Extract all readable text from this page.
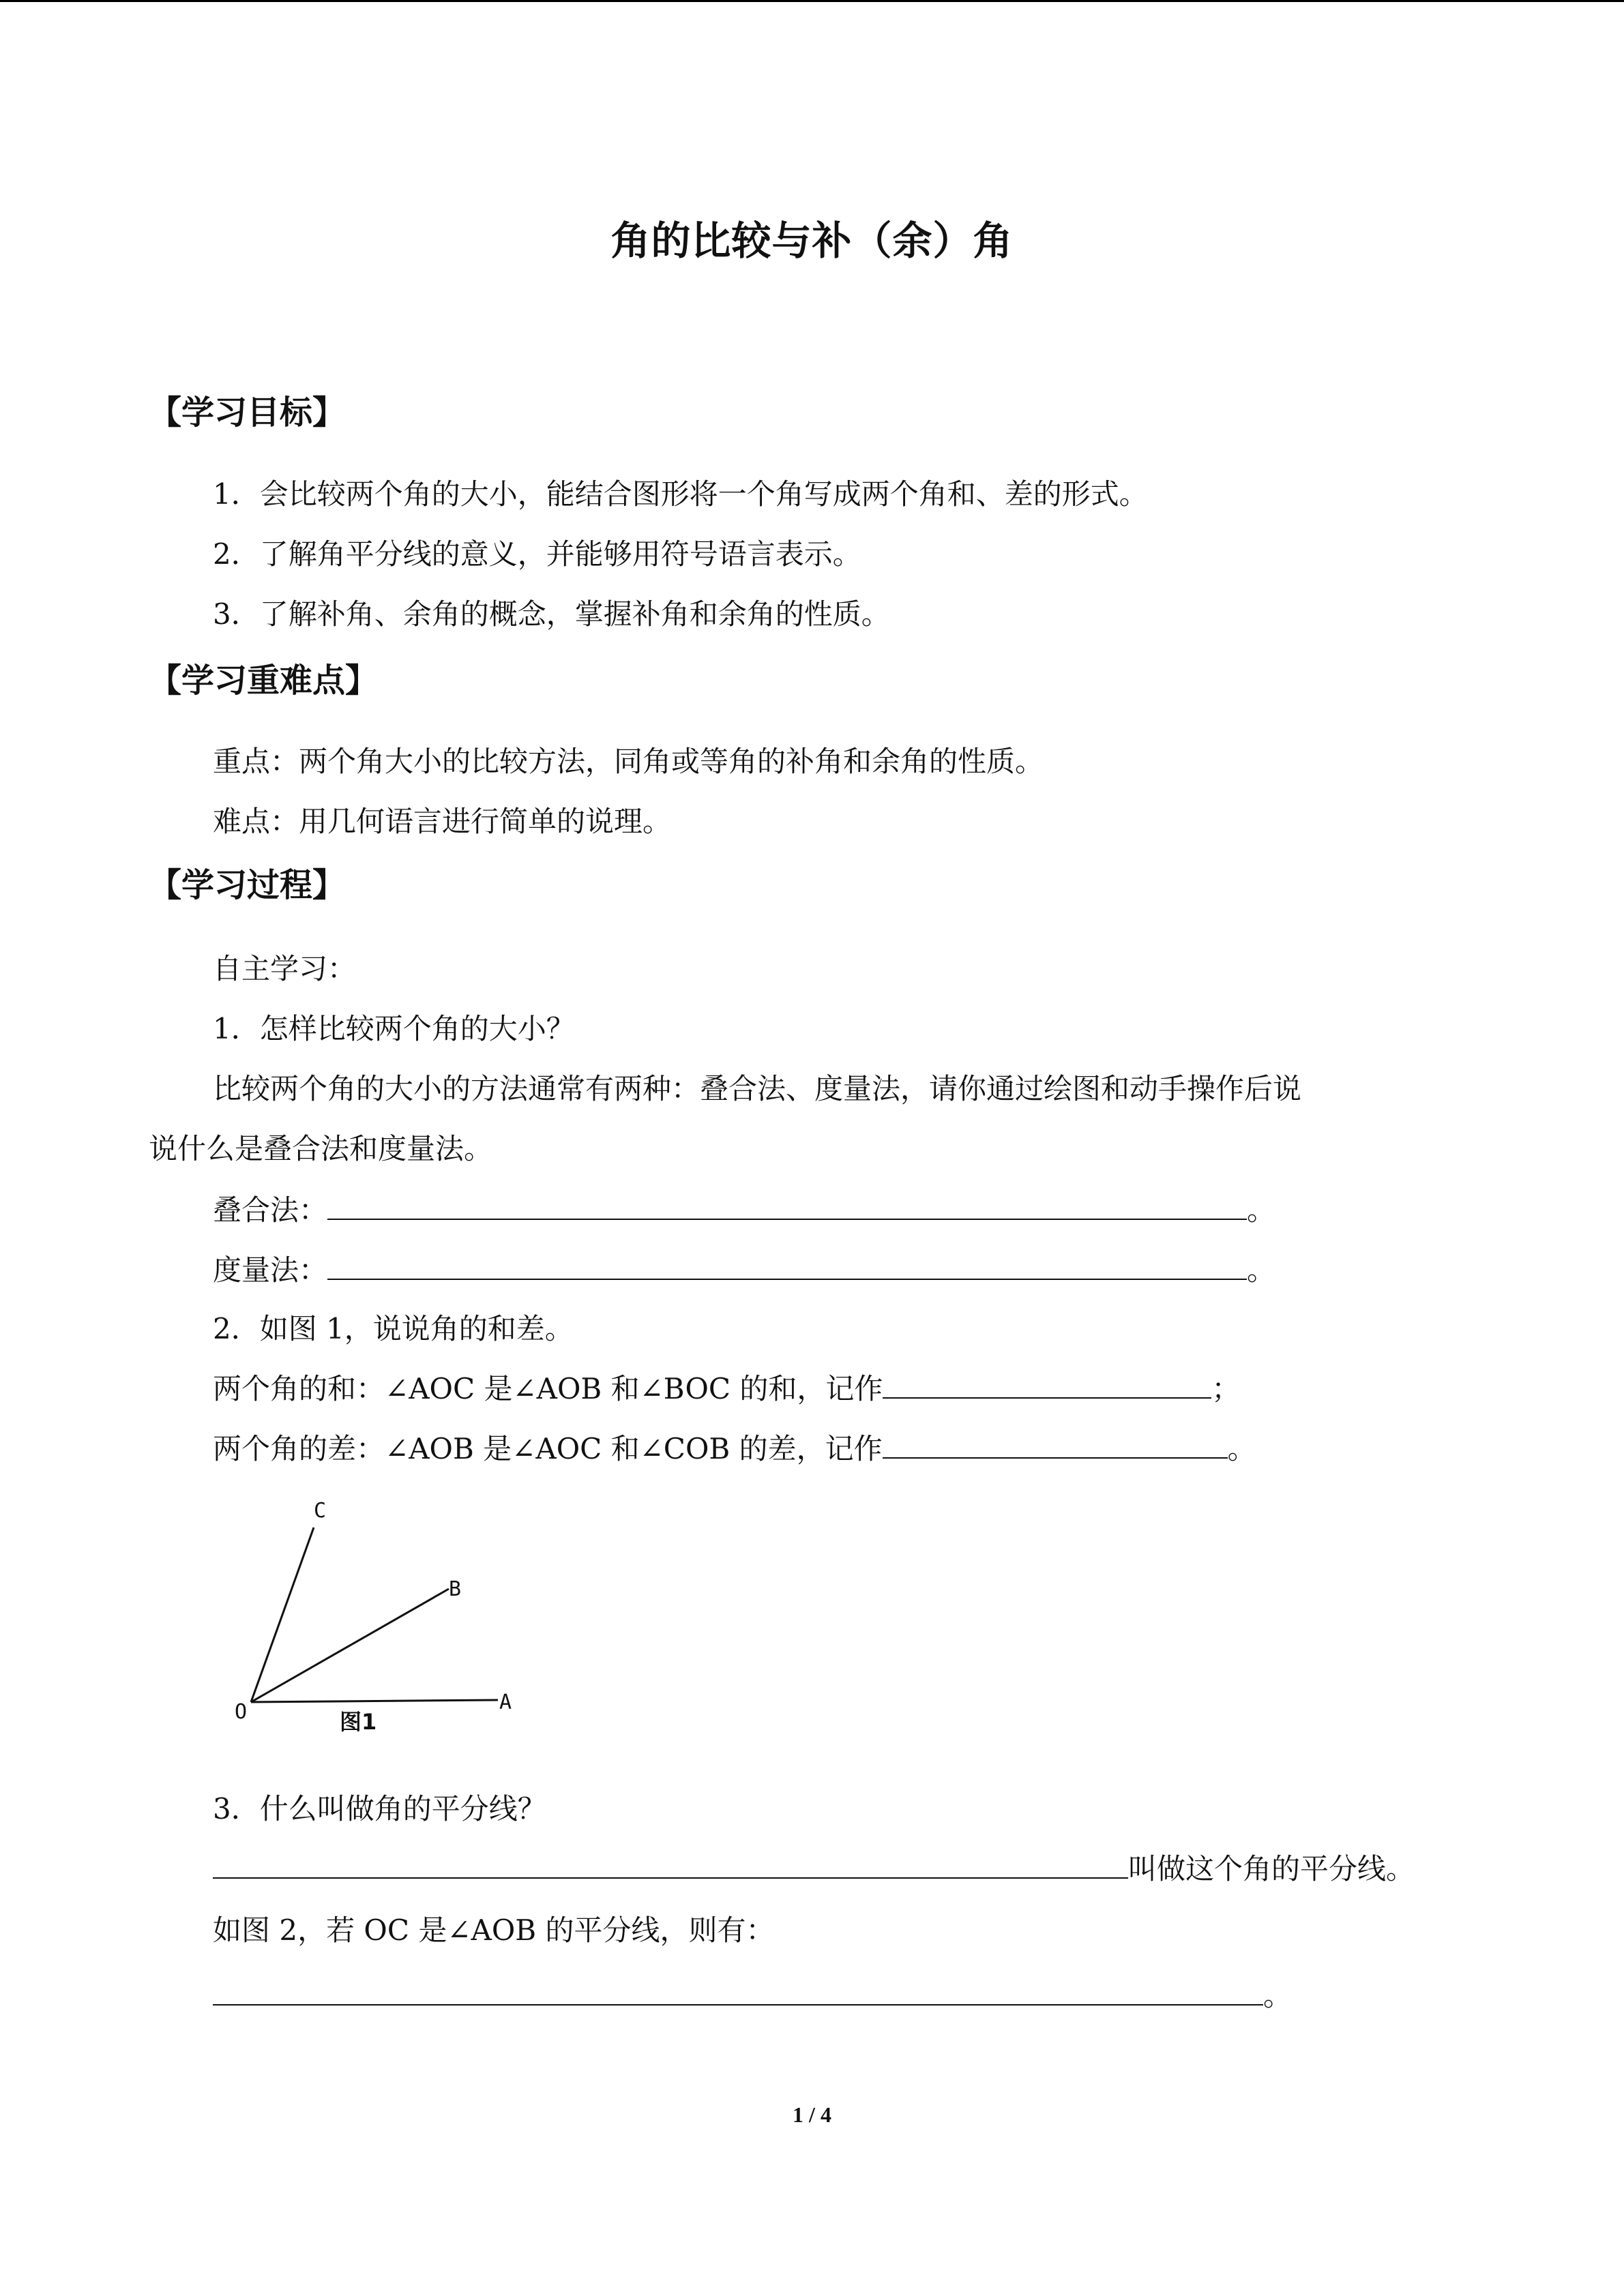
角的比较与补（余）角
【学习目标】
1．会比较两个角的大小，能结合图形将一个角写成两个角和、差的形式。
2．了解角平分线的意义，并能够用符号语言表示。
3．了解补角、余角的概念，掌握补角和余角的性质。
【学习重难点】
重点：两个角大小的比较方法，同角或等角的补角和余角的性质。
难点：用几何语言进行简单的说理。
【学习过程】
自主学习：
1．怎样比较两个角的大小？
比较两个角的大小的方法通常有两种：叠合法、度量法，请你通过绘图和动手操作后说
说什么是叠合法和度量法。
叠合法：	。
度量法：	。
2．如图 1，说说角的和差。
两个角的和：∠AOC 是∠AOB 和∠BOC 的和，记作	；
两个角的差：∠AOB 是∠AOC 和∠COB 的差，记作	。
C
B
A
O	图1
3．什么叫做角的平分线？
叫做这个角的平分线。
如图 2，若 OC 是∠AOB 的平分线，则有：
。
1 / 4
